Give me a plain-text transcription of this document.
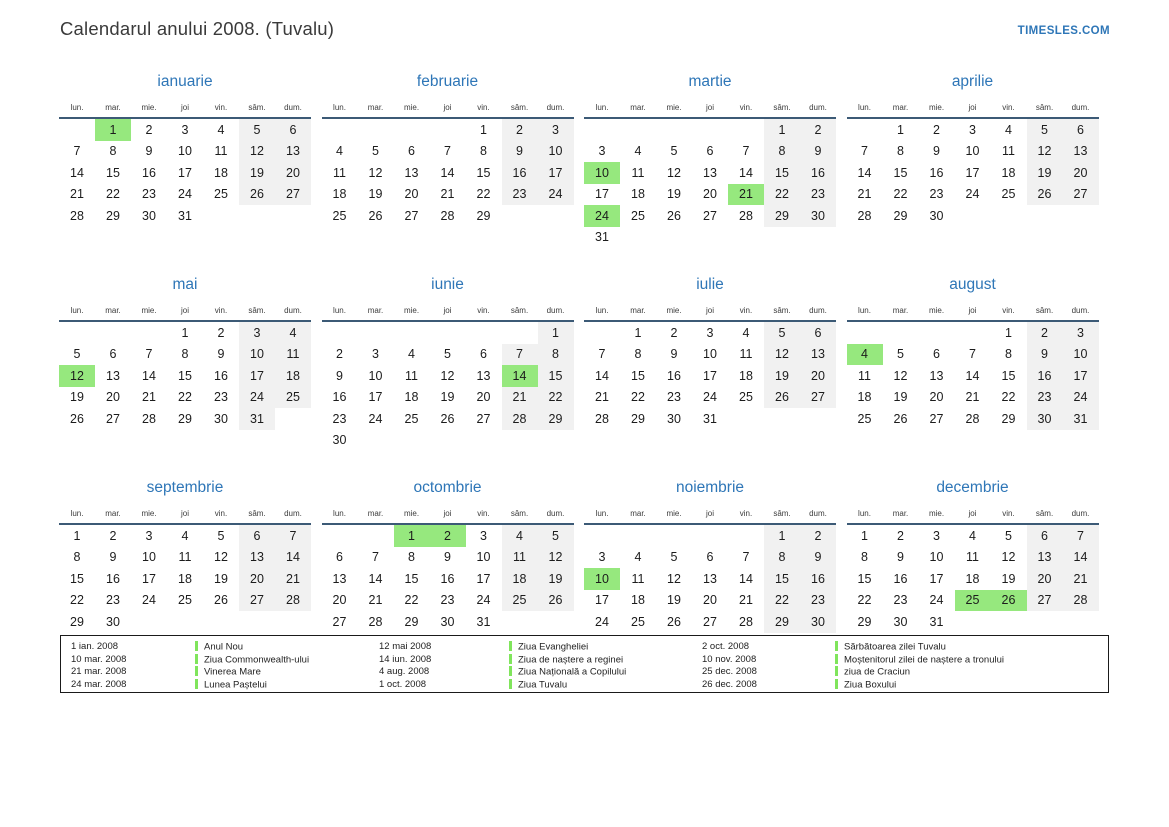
Calendarul anului 2008. (Tuvalu)	TIMESLES.COM
ianuarie
lun.	mar.	mie.	joi	vin.	sâm.	dum.
	1	2	3	4	5	6
7	8	9	10	11	12	13
14	15	16	17	18	19	20
21	22	23	24	25	26	27
28	29	30	31			
februarie
lun.	mar.	mie.	joi	vin.	sâm.	dum.
				1	2	3
4	5	6	7	8	9	10
11	12	13	14	15	16	17
18	19	20	21	22	23	24
25	26	27	28	29		
martie
lun.	mar.	mie.	joi	vin.	sâm.	dum.
					1	2
3	4	5	6	7	8	9
10	11	12	13	14	15	16
17	18	19	20	21	22	23
24	25	26	27	28	29	30
31						
aprilie
lun.	mar.	mie.	joi	vin.	sâm.	dum.
	1	2	3	4	5	6
7	8	9	10	11	12	13
14	15	16	17	18	19	20
21	22	23	24	25	26	27
28	29	30				
mai
lun.	mar.	mie.	joi	vin.	sâm.	dum.
			1	2	3	4
5	6	7	8	9	10	11
12	13	14	15	16	17	18
19	20	21	22	23	24	25
26	27	28	29	30	31	
iunie
lun.	mar.	mie.	joi	vin.	sâm.	dum.
						1
2	3	4	5	6	7	8
9	10	11	12	13	14	15
16	17	18	19	20	21	22
23	24	25	26	27	28	29
30						
iulie
lun.	mar.	mie.	joi	vin.	sâm.	dum.
	1	2	3	4	5	6
7	8	9	10	11	12	13
14	15	16	17	18	19	20
21	22	23	24	25	26	27
28	29	30	31			
august
lun.	mar.	mie.	joi	vin.	sâm.	dum.
				1	2	3
4	5	6	7	8	9	10
11	12	13	14	15	16	17
18	19	20	21	22	23	24
25	26	27	28	29	30	31
septembrie
lun.	mar.	mie.	joi	vin.	sâm.	dum.
1	2	3	4	5	6	7
8	9	10	11	12	13	14
15	16	17	18	19	20	21
22	23	24	25	26	27	28
29	30					
octombrie
lun.	mar.	mie.	joi	vin.	sâm.	dum.
		1	2	3	4	5
6	7	8	9	10	11	12
13	14	15	16	17	18	19
20	21	22	23	24	25	26
27	28	29	30	31		
noiembrie
lun.	mar.	mie.	joi	vin.	sâm.	dum.
					1	2
3	4	5	6	7	8	9
10	11	12	13	14	15	16
17	18	19	20	21	22	23
24	25	26	27	28	29	30
decembrie
lun.	mar.	mie.	joi	vin.	sâm.	dum.
1	2	3	4	5	6	7
8	9	10	11	12	13	14
15	16	17	18	19	20	21
22	23	24	25	26	27	28
29	30	31				
1 ian. 2008	Anul Nou	12 mai 2008	Ziua Evangheliei	2 oct. 2008	Sărbătoarea zilei Tuvalu
10 mar. 2008	Ziua Commonwealth-ului	14 iun. 2008	Ziua de naștere a reginei	10 nov. 2008	Moștenitorul zilei de naștere a tronului
21 mar. 2008	Vinerea Mare	4 aug. 2008	Ziua Națională a Copilului	25 dec. 2008	ziua de Craciun
24 mar. 2008	Lunea Paștelui	1 oct. 2008	Ziua Tuvalu	26 dec. 2008	Ziua Boxului
